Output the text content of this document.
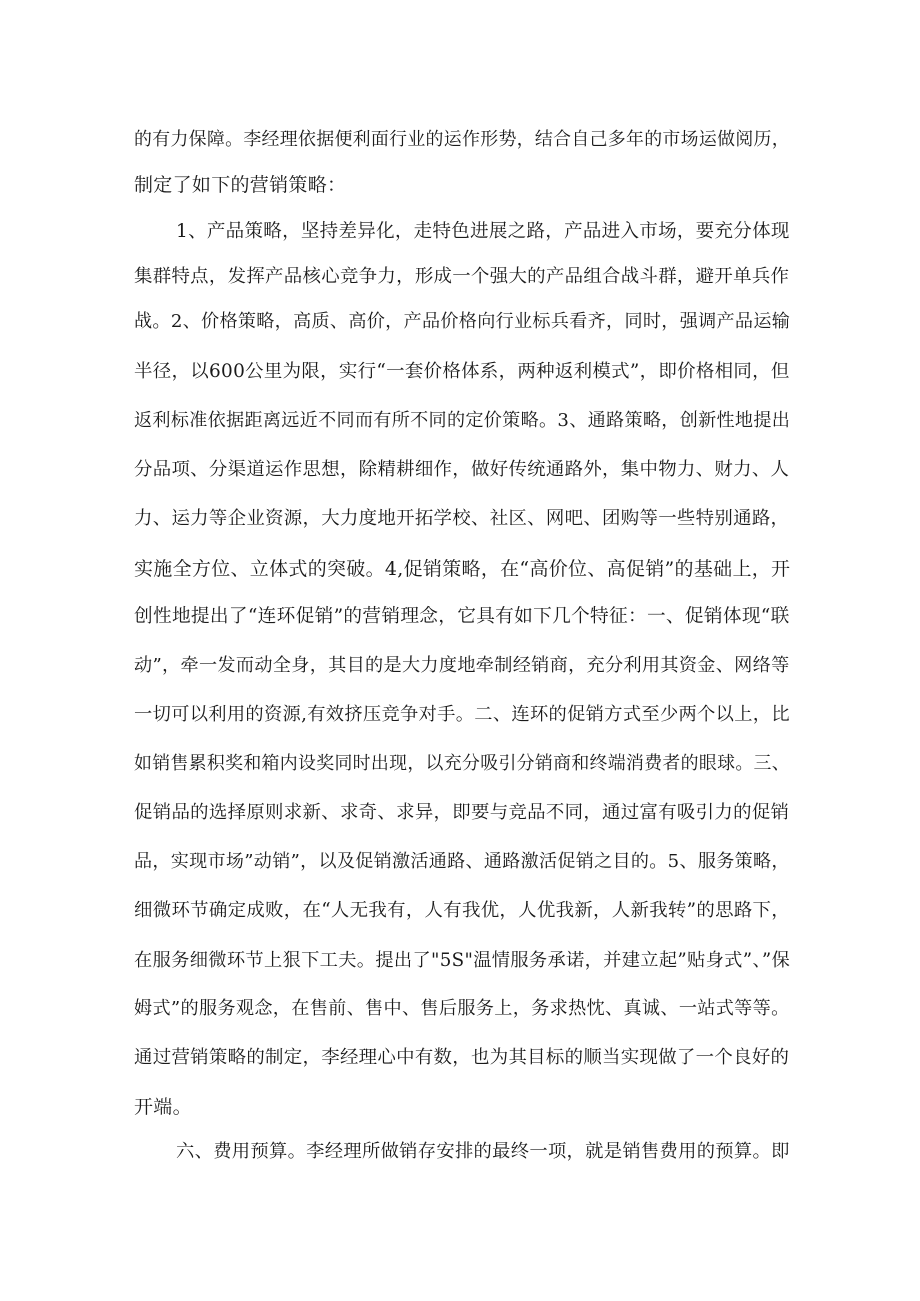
的有力保障。李经理依据便利面行业的运作形势，结合自己多年的市场运做阅历，
制定了如下的营销策略：
1、产品策略，坚持差异化，走特色进展之路，产品进入市场，要充分体现
集群特点，发挥产品核心竞争力，形成一个强大的产品组合战斗群，避开单兵作
战。2、价格策略，高质、高价，产品价格向行业标兵看齐，同时，强调产品运输
半径，以600公里为限，实行“一套价格体系，两种返利模式”，即价格相同，但
返利标准依据距离远近不同而有所不同的定价策略。3、通路策略，创新性地提出
分品项、分渠道运作思想，除精耕细作，做好传统通路外，集中物力、财力、人
力、运力等企业资源，大力度地开拓学校、社区、网吧、团购等一些特别通路，
实施全方位、立体式的突破。4,促销策略，在“高价位、高促销”的基础上，开
创性地提出了“连环促销”的营销理念，它具有如下几个特征：一、促销体现“联
动”，牵一发而动全身，其目的是大力度地牵制经销商，充分利用其资金、网络等
一切可以利用的资源,有效挤压竞争对手。二、连环的促销方式至少两个以上，比
如销售累积奖和箱内设奖同时出现，以充分吸引分销商和终端消费者的眼球。三、
促销品的选择原则求新、求奇、求异，即要与竞品不同，通过富有吸引力的促销
品，实现市场”动销”，以及促销激活通路、通路激活促销之目的。5、服务策略，
细微环节确定成败，在“人无我有，人有我优，人优我新，人新我转”的思路下，
在服务细微环节上狠下工夫。提出了"5S"温情服务承诺，并建立起”贴身式”、”保
姆式”的服务观念，在售前、售中、售后服务上，务求热忱、真诚、一站式等等。
通过营销策略的制定，李经理心中有数，也为其目标的顺当实现做了一个良好的
开端。
六、费用预算。李经理所做销存安排的最终一项，就是销售费用的预算。即
